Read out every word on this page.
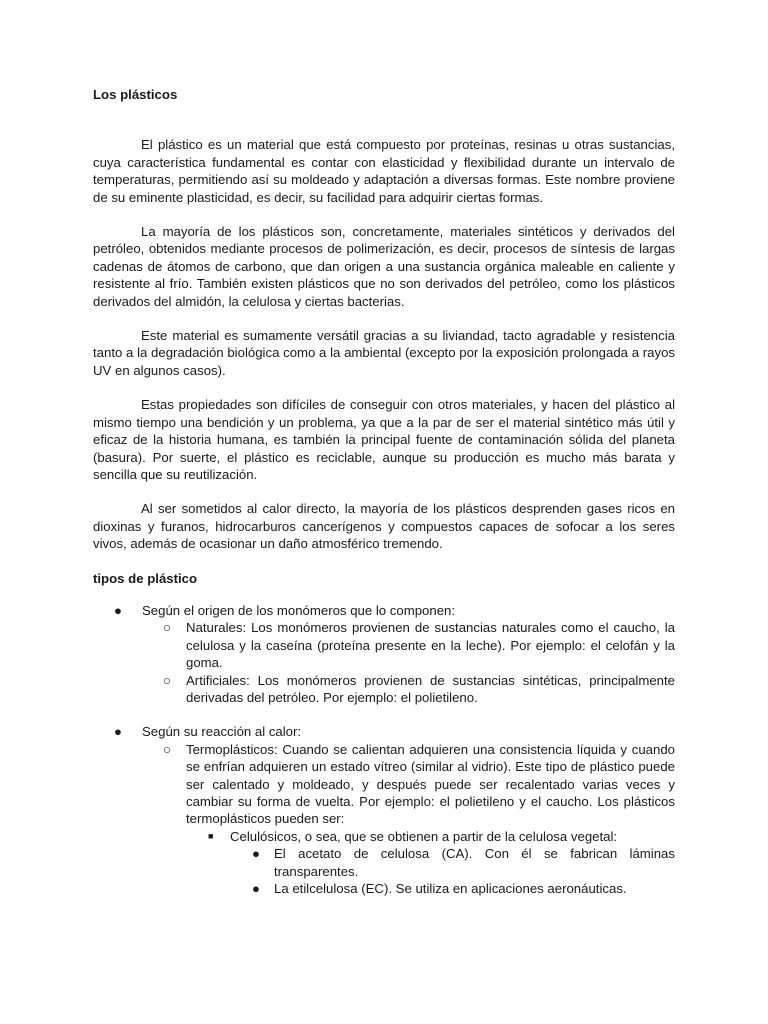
Los plásticos

El plástico es un material que está compuesto por proteínas, resinas u otras sustancias, cuya característica fundamental es contar con elasticidad y flexibilidad durante un intervalo de temperaturas, permitiendo así su moldeado y adaptación a diversas formas. Este nombre proviene de su eminente plasticidad, es decir, su facilidad para adquirir ciertas formas.

La mayoría de los plásticos son, concretamente, materiales sintéticos y derivados del petróleo, obtenidos mediante procesos de polimerización, es decir, procesos de síntesis de largas cadenas de átomos de carbono, que dan origen a una sustancia orgánica maleable en caliente y resistente al frío. También existen plásticos que no son derivados del petróleo, como los plásticos derivados del almidón, la celulosa y ciertas bacterias.

Este material es sumamente versátil gracias a su liviandad, tacto agradable y resistencia tanto a la degradación biológica como a la ambiental (excepto por la exposición prolongada a rayos UV en algunos casos).

Estas propiedades son difíciles de conseguir con otros materiales, y hacen del plástico al mismo tiempo una bendición y un problema, ya que a la par de ser el material sintético más útil y eficaz de la historia humana, es también la principal fuente de contaminación sólida del planeta (basura). Por suerte, el plástico es reciclable, aunque su producción es mucho más barata y sencilla que su reutilización.

Al ser sometidos al calor directo, la mayoría de los plásticos desprenden gases ricos en dioxinas y furanos, hidrocarburos cancerígenos y compuestos capaces de sofocar a los seres vivos, además de ocasionar un daño atmosférico tremendo.

tipos de plástico

● Según el origen de los monómeros que lo componen:
○ Naturales: Los monómeros provienen de sustancias naturales como el caucho, la celulosa y la caseína (proteína presente en la leche). Por ejemplo: el celofán y la goma.
○ Artificiales: Los monómeros provienen de sustancias sintéticas, principalmente derivadas del petróleo. Por ejemplo: el polietileno.
● Según su reacción al calor:
○ Termoplásticos: Cuando se calientan adquieren una consistencia líquida y cuando se enfrían adquieren un estado vítreo (similar al vidrio). Este tipo de plástico puede ser calentado y moldeado, y después puede ser recalentado varias veces y cambiar su forma de vuelta. Por ejemplo: el polietileno y el caucho. Los plásticos termoplásticos pueden ser:
■ Celulósicos, o sea, que se obtienen a partir de la celulosa vegetal:
● El acetato de celulosa (CA). Con él se fabrican láminas transparentes.
● La etilcelulosa (EC). Se utiliza en aplicaciones aeronáuticas.
